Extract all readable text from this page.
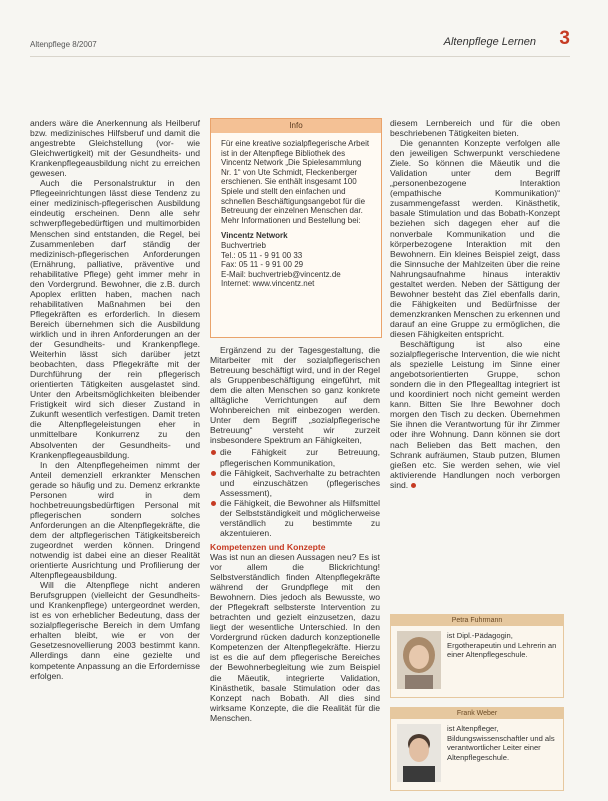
Altenpflege 8/2007	Altenpflege Lernen 3

anders wäre die Anerkennung als Heilberuf bzw. medizinisches Hilfsberuf und damit die angestrebte Gleichstellung (vor- wie Gleichwertigkeit) mit der Gesundheits- und Krankenpflegeausbildung nicht zu erreichen gewesen.

Auch die Personalstruktur in den Pflegeeinrichtungen lässt diese Tendenz zu einer medizinisch-pflegerischen Ausbildung eindeutig erscheinen. Denn alle sehr schwerpflegebedürftigen und multimorbiden Menschen sind entstanden, die Regel, bei Zusammenleben darf ständig der medizinisch-pflegerischen Anforderungen (Ernährung, palliative, präventive und rehabilitative Pflege) geht immer mehr in den Vordergrund. Bewohner, die z.B. durch Apoplex erlitten haben, machen nach rehabilitativen Maßnahmen bei den Pflegekräften es erforderlich. In diesem Bereich übernehmen sich die Ausbildung wirklich und in ihren Anforderungen an der der Gesundheits- und Krankenpflege. Weiterhin lässt sich darüber jetzt beobachten, dass Pflegekräfte mit der Durchführung der rein pflegerisch orientierten Tätigkeiten ausgelastet sind. Unter den Arbeitsmöglichkeiten bleibender Fristigkeit wird sich dieser Zustand in Zukunft wesentlich verfestigen. Damit treten die Altenpflegeleistungen eher in unmittelbare Konkurrenz zu den Absolventen der Gesundheits- und Krankenpflegeausbildung.

In den Altenpflegeheimen nimmt der Anteil demenziell erkrankter Menschen gerade so häufig und zu. Demenz erkrankte Personen wird in dem hochbetreuungsbedürftigen Personal mit pflegerischen sondern solches Anforderungen an die Altenpflegekräfte, die dem der altpflegerischen Tätigkeitsbereich zugeordnet werden können. Dringend notwendig ist dabei eine an dieser Realität orientierte Ausrichtung und Profilierung der Altenpflegeausbildung.

Will die Altenpflege nicht anderen Berufsgruppen (vielleicht der Gesundheits- und Krankenpflege) untergeordnet werden, ist es von erheblicher Bedeutung, dass der sozialpflegerische Bereich in dem Umfang erhalten bleibt, wie er von der Gesetzesnovellierung 2003 bestimmt kann. Allerdings dann eine gezielte und kompetente Anpassung an die Erfordernisse erfolgen.

Info

Für eine kreative sozialpflegerische Arbeit ist in der Altenpflege Bibliothek des Vincentz Network „Die Spielesammlung Nr. 1“ von Ute Schmidt, Fleckenberger erschienen. Sie enthält insgesamt 100 Spiele und stellt den einfachen und schnellen Beschäftigungsangebot für die Betreuung der einzelnen Menschen dar. Mehr Informationen und Bestellung bei:

Vincentz Network

Buchvertrieb

Tel.: 05 11 - 9 91 00 33

Fax: 05 11 - 9 91 00 29

E-Mail: buchvertrieb@vincentz.de

Internet: www.vincentz.net

Ergänzend zu der Tagesgestaltung, die Mitarbeiter mit der sozialpflegerischen Betreuung beschäftigt wird, und in der Regel als Gruppenbeschäftigung eingeführt, mit dem die alten Menschen so ganz konkrete alltägliche Verrichtungen auf dem Wohnbereichen mit einbezogen werden. Unter dem Begriff „sozialpflegerische Betreuung“ versteht wir zurzeit insbesondere Spektrum an Fähigkeiten,

die Fähigkeit zur Betreuung, pflegerischen Kommunikation,
die Fähigkeit, Sachverhalte zu betrachten und einzuschätzen (pflegerisches Assessment),
die Fähigkeit, die Bewohner als Hilfsmittel der Selbstständigkeit und möglicherweise verständlich zu bestimmte zu akzentuieren.

Kompetenzen und Konzepte

Was ist nun an diesen Aussagen neu? Es ist vor allem die Blickrichtung! Selbstverständlich finden Altenpflegekräfte während der Grundpflege mit den Bewohnern. Dies jedoch als Bewusste, wo der Pflegekraft selbsterste Intervention zu betrachten und gezielt einzusetzen, dazu liegt der wesentliche Unterschied. In den Vordergrund rücken dadurch konzeptionelle Kompetenzen der Altenpflegekräfte. Hierzu ist es die auf dem pflegerische Bereiches der Bewohnerbegleitung wie zum Beispiel die Mäeutik, integrierte Validation, Kinästhetik, basale Stimulation oder das Konzept nach Bobath. All dies sind wirksame Konzepte, die die Realität für die Menschen.

diesem Lernbereich und für die oben beschriebenen Tätigkeiten bieten.

Die genannten Konzepte verfolgen alle den jeweiligen Schwerpunkt verschiedene Ziele. So können die Mäeutik und die Validation unter dem Begriff „personenbezogene Interaktion (empathische Kommunikation)“ zusammengefasst werden. Kinästhetik, basale Stimulation und das Bobath-Konzept beziehen sich dagegen eher auf die nonverbale Kommunikation und die körperbezogene Interaktion mit den Bewohnern. Ein kleines Beispiel zeigt, dass die Sinnsuche der Mahlzeiten über die reine Nahrungsaufnahme hinaus interaktiv gestaltet werden. Neben der Sättigung der Bewohner besteht das Ziel ebenfalls darin, die Fähigkeiten und Bedürfnisse der demenzkranken Menschen zu erkennen und darauf an eine Gruppe zu ermöglichen, die diesen Fähigkeiten entspricht.

Beschäftigung ist also eine sozialpflegerische Intervention, die wie nicht als spezielle Leistung im Sinne einer angebotsorientierten Gruppe, schon sondern die in den Pflegealltag integriert ist und koordiniert noch nicht gemeint werden kann. Bitten Sie Ihre Bewohner doch morgen den Tisch zu decken. Übernehmen Sie ihnen die Verantwortung für ihr Zimmer oder ihre Wohnung. Dann können sie dort nach Belieben das Bett machen, den Schrank aufräumen, Staub putzen, Blumen gießen etc. Sie werden sehen, wie viel aktivierende Handlungen noch verborgen sind.

Petra Fuhrmann
ist Dipl.-Pädagogin, Ergotherapeutin und Lehrerin an einer Altenpflegeschule.
Frank Weber
ist Altenpfleger, Bildungswissenschaftler und als verantwortlicher Leiter einer Altenpflegeschule.
